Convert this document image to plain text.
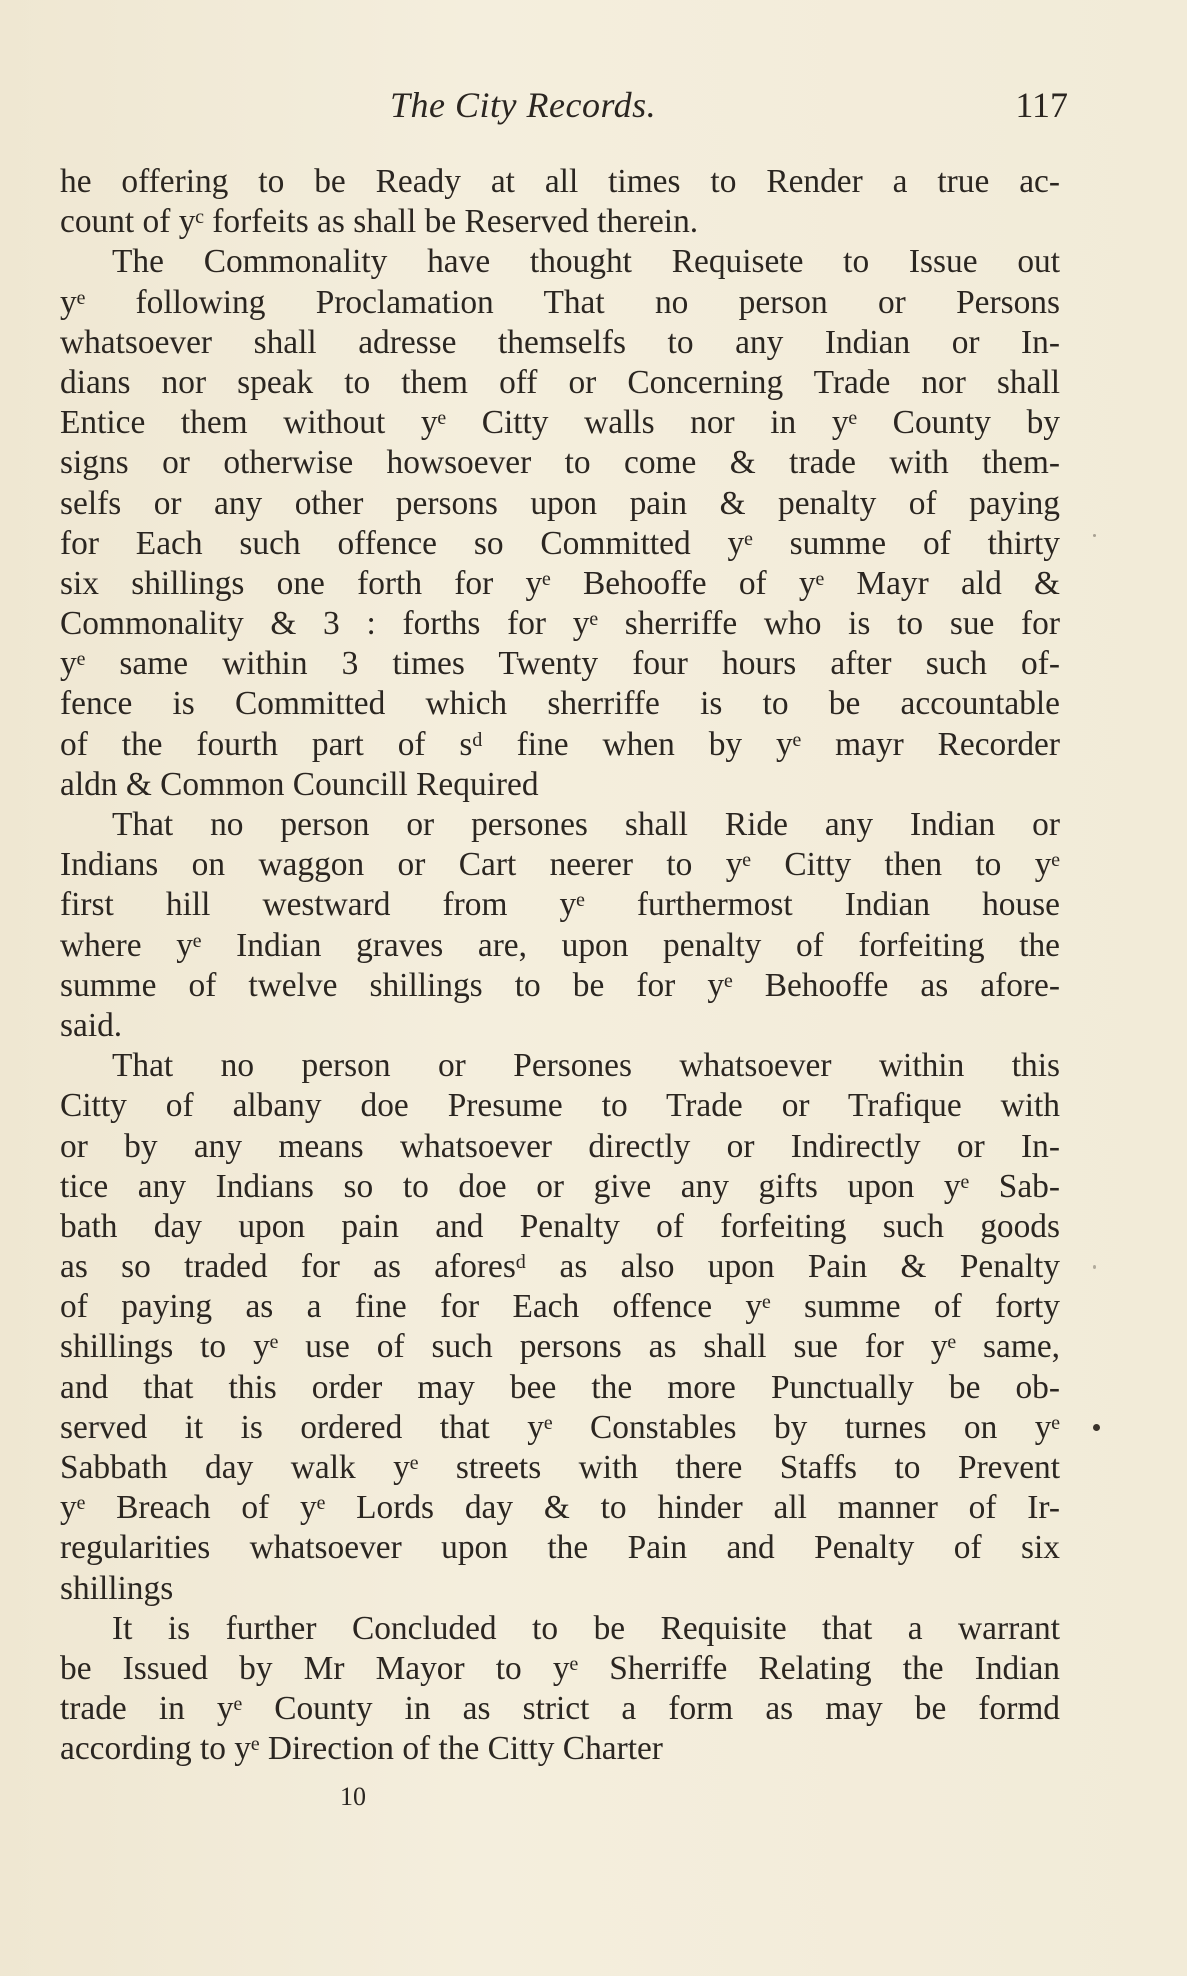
The City Records.	117
he offering to be Ready at all times to Render a true ac-
count of yᶜ forfeits as shall be Reserved therein.
The Commonality have thought Requisete to Issue out
yᵉ following Proclamation That no person or Persons
whatsoever shall adresse themselfs to any Indian or In-
dians nor speak to them off or Concerning Trade nor shall
Entice them without yᵉ Citty walls nor in yᵉ County by
signs or otherwise howsoever to come & trade with them-
selfs or any other persons upon pain & penalty of paying
for Each such offence so Committed yᵉ summe of thirty
six shillings one forth for yᵉ Behooffe of yᵉ Mayr ald &
Commonality & 3 : forths for yᵉ sherriffe who is to sue for
yᵉ same within 3 times Twenty four hours after such of-
fence is Committed which sherriffe is to be accountable
of the fourth part of sᵈ fine when by yᵉ mayr Recorder
aldn & Common Councill Required
That no person or persones shall Ride any Indian or
Indians on waggon or Cart neerer to yᵉ Citty then to yᵉ
first hill westward from yᵉ furthermost Indian house
where yᵉ Indian graves are, upon penalty of forfeiting the
summe of twelve shillings to be for yᵉ Behooffe as afore-
said.
That no person or Persones whatsoever within this
Citty of albany doe Presume to Trade or Trafique with
or by any means whatsoever directly or Indirectly or In-
tice any Indians so to doe or give any gifts upon yᵉ Sab-
bath day upon pain and Penalty of forfeiting such goods
as so traded for as aforesᵈ as also upon Pain & Penalty
of paying as a fine for Each offence yᵉ summe of forty
shillings to yᵉ use of such persons as shall sue for yᵉ same,
and that this order may bee the more Punctually be ob-
served it is ordered that yᵉ Constables by turnes on yᵉ
Sabbath day walk yᵉ streets with there Staffs to Prevent
yᵉ Breach of yᵉ Lords day & to hinder all manner of Ir-
regularities whatsoever upon the Pain and Penalty of six
shillings
It is further Concluded to be Requisite that a warrant
be Issued by Mr Mayor to yᵉ Sherriffe Relating the Indian
trade in yᵉ County in as strict a form as may be formd
according to yᵉ Direction of the Citty Charter
10
